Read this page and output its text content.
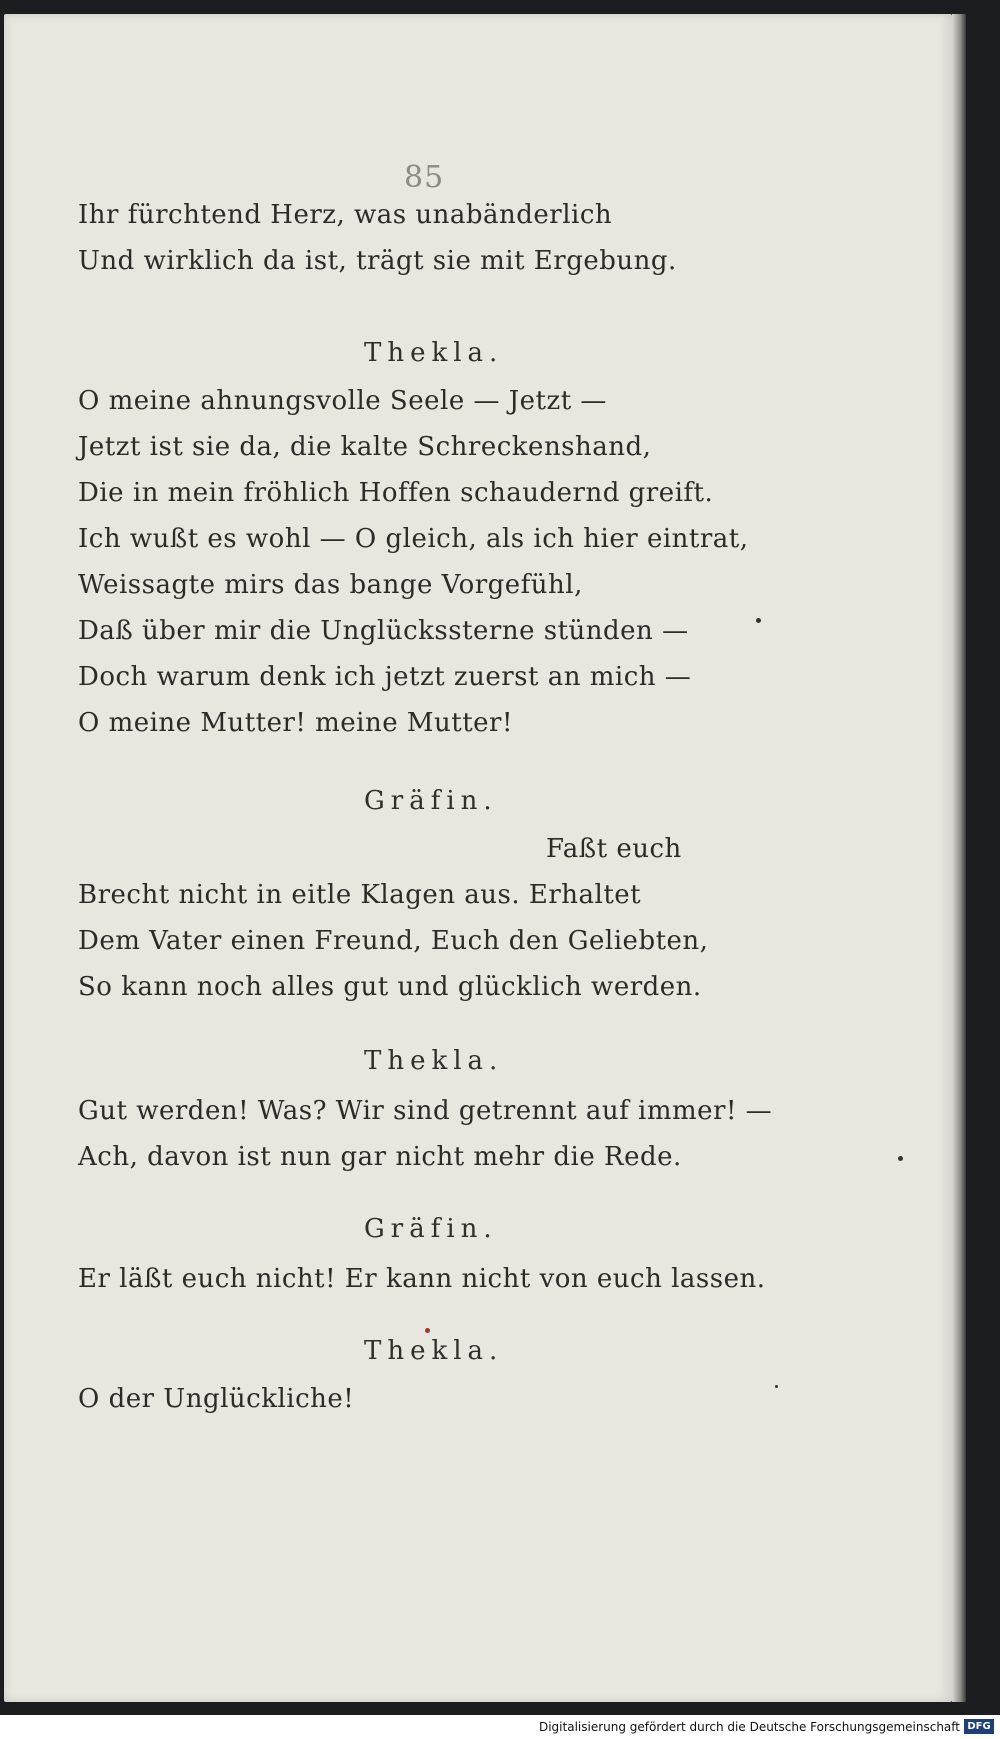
85
Ihr fürchtend Herz, was unabänderlich
Und wirklich da ist, trägt sie mit Ergebung.
Thekla.
O meine ahnungsvolle Seele — Jetzt —
Jetzt ist sie da, die kalte Schreckenshand,
Die in mein fröhlich Hoffen schaudernd greift.
Ich wußt es wohl — O gleich, als ich hier eintrat,
Weissagte mirs das bange Vorgefühl,
Daß über mir die Unglückssterne stünden —
Doch warum denk ich jetzt zuerst an mich —
O meine Mutter! meine Mutter!
Gräfin.
Faßt euch
Brecht nicht in eitle Klagen aus. Erhaltet
Dem Vater einen Freund, Euch den Geliebten,
So kann noch alles gut und glücklich werden.
Thekla.
Gut werden! Was? Wir sind getrennt auf immer! —
Ach, davon ist nun gar nicht mehr die Rede.
Gräfin.
Er läßt euch nicht! Er kann nicht von euch lassen.
Thekla.
O der Unglückliche!
Digitalisierung gefördert durch die Deutsche Forschungsgemeinschaft DFG
